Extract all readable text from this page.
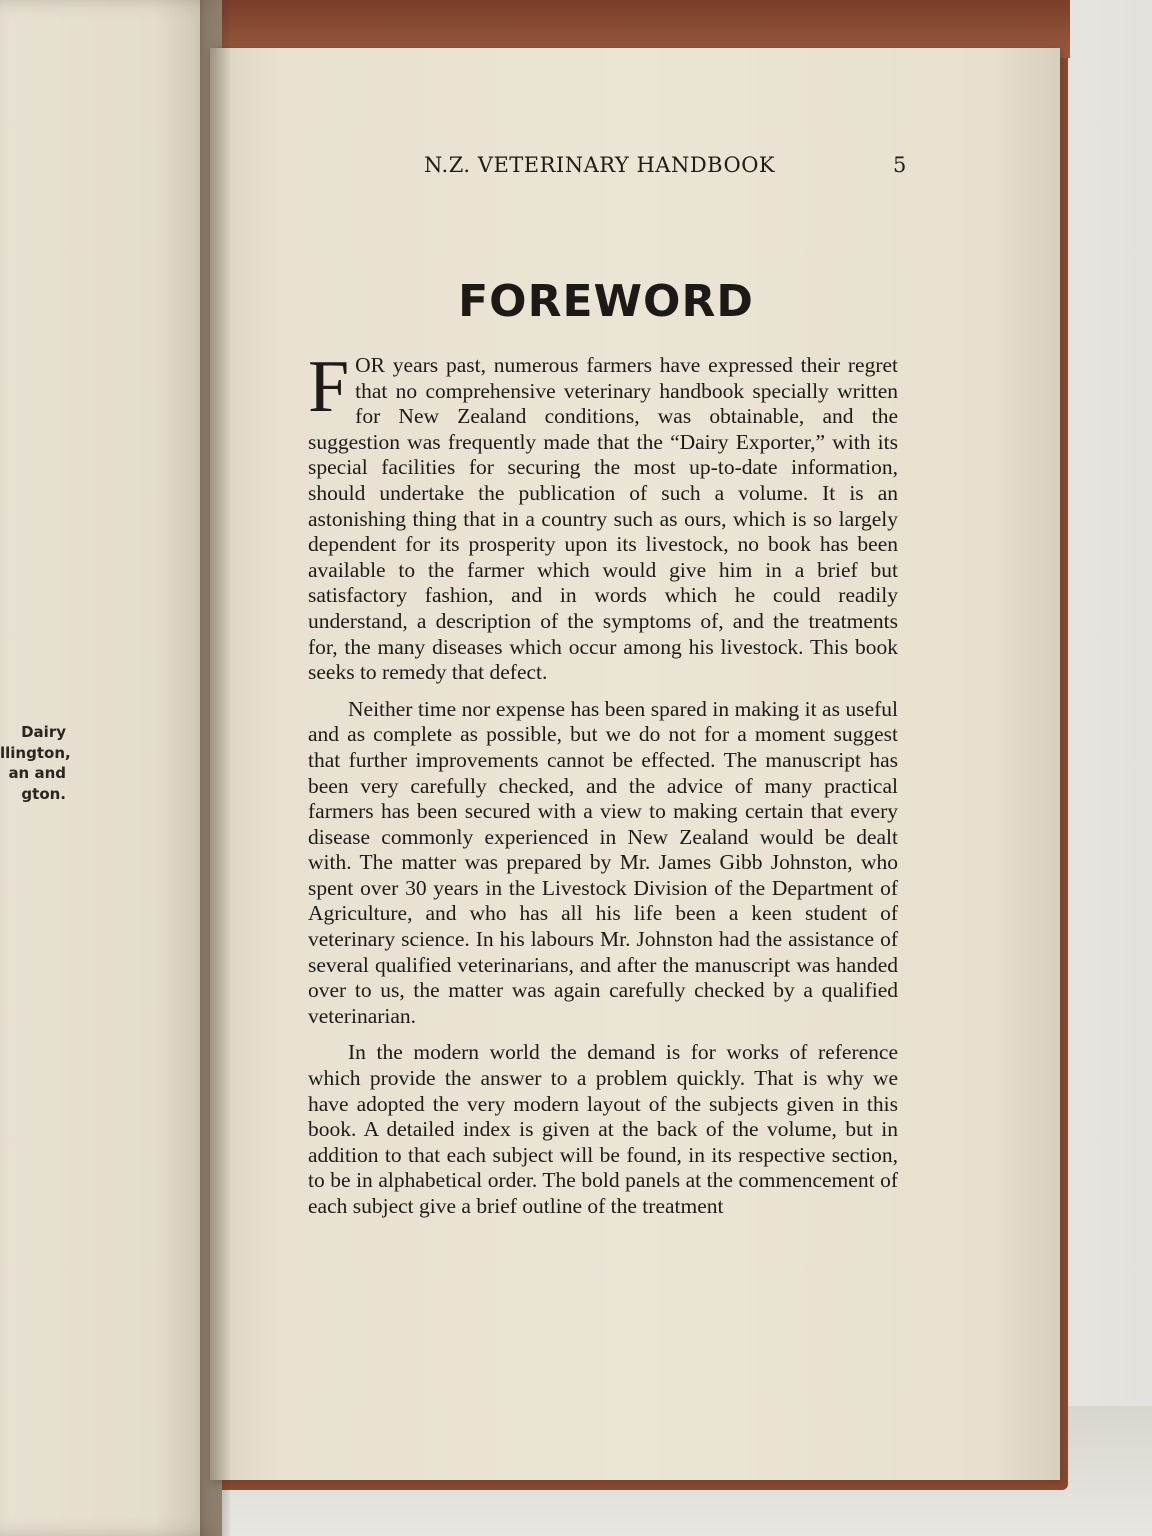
Dairy
llington,
an and
gton.
N.Z. VETERINARY HANDBOOK	5
FOREWORD

FOR years past, numerous farmers have expressed their regret that no comprehensive veterinary handbook specially written for New Zealand conditions, was obtainable, and the suggestion was frequently made that the “Dairy Exporter,” with its special facilities for securing the most up-to-date information, should undertake the publication of such a volume. It is an astonishing thing that in a country such as ours, which is so largely dependent for its prosperity upon its livestock, no book has been available to the farmer which would give him in a brief but satisfactory fashion, and in words which he could readily understand, a description of the symptoms of, and the treatments for, the many diseases which occur among his livestock. This book seeks to remedy that defect.

Neither time nor expense has been spared in making it as useful and as complete as possible, but we do not for a moment suggest that further improvements cannot be effected. The manuscript has been very carefully checked, and the advice of many practical farmers has been secured with a view to making certain that every disease commonly experienced in New Zealand would be dealt with. The matter was prepared by Mr. James Gibb Johnston, who spent over 30 years in the Livestock Division of the Department of Agriculture, and who has all his life been a keen student of veterinary science. In his labours Mr. Johnston had the assistance of several qualified veterinarians, and after the manuscript was handed over to us, the matter was again carefully checked by a qualified veterinarian.

In the modern world the demand is for works of reference which provide the answer to a problem quickly. That is why we have adopted the very modern layout of the subjects given in this book. A detailed index is given at the back of the volume, but in addition to that each subject will be found, in its respective section, to be in alphabetical order. The bold panels at the commencement of each subject give a brief outline of the treatment
